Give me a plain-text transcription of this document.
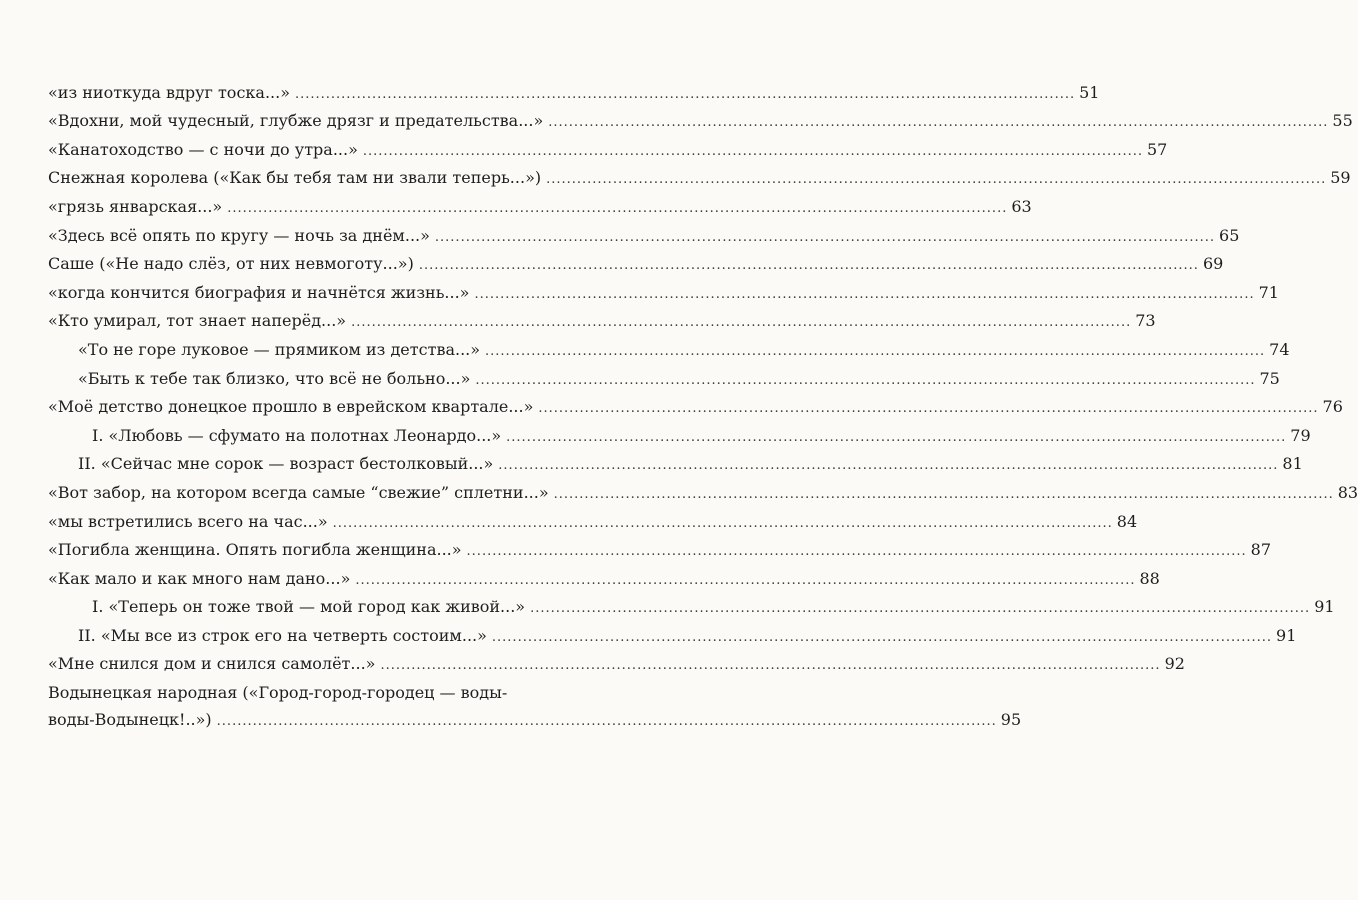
«из ниоткуда вдруг тоска...» ........................................................................................................................................................ 51
«Вдохни, мой чудесный, глубже дрязг и предательства...» ........................................................................................................................................................ 55
«Канатоходство — с ночи до утра...» ........................................................................................................................................................ 57
Снежная королева («Как бы тебя там ни звали теперь...») ........................................................................................................................................................ 59
«грязь январская...» ........................................................................................................................................................ 63
«Здесь всё опять по кругу — ночь за днём...» ........................................................................................................................................................ 65
Саше («Не надо слёз, от них невмоготу...») ........................................................................................................................................................ 69
«когда кончится биография и начнётся жизнь...» ........................................................................................................................................................ 71
«Кто умирал, тот знает наперёд...» ........................................................................................................................................................ 73
«То не горе луковое — прямиком из детства...» ........................................................................................................................................................ 74
«Быть к тебе так близко, что всё не больно...» ........................................................................................................................................................ 75
«Моё детство донецкое прошло в еврейском квартале...» ........................................................................................................................................................ 76
I. «Любовь — сфумато на полотнах Леонардо...» ........................................................................................................................................................ 79
II. «Сейчас мне сорок — возраст бестолковый...» ........................................................................................................................................................ 81
«Вот забор, на котором всегда самые “свежие” сплетни...» ........................................................................................................................................................ 83
«мы встретились всего на час...» ........................................................................................................................................................ 84
«Погибла женщина. Опять погибла женщина...» ........................................................................................................................................................ 87
«Как мало и как много нам дано...» ........................................................................................................................................................ 88
I. «Теперь он тоже твой — мой город как живой...» ........................................................................................................................................................ 91
II. «Мы все из строк его на четверть состоим...» ........................................................................................................................................................ 91
«Мне снился дом и снился самолёт...» ........................................................................................................................................................ 92
Водынецкая народная («Город-город-городец — воды-
воды-Водынецк!..») ........................................................................................................................................................ 95
